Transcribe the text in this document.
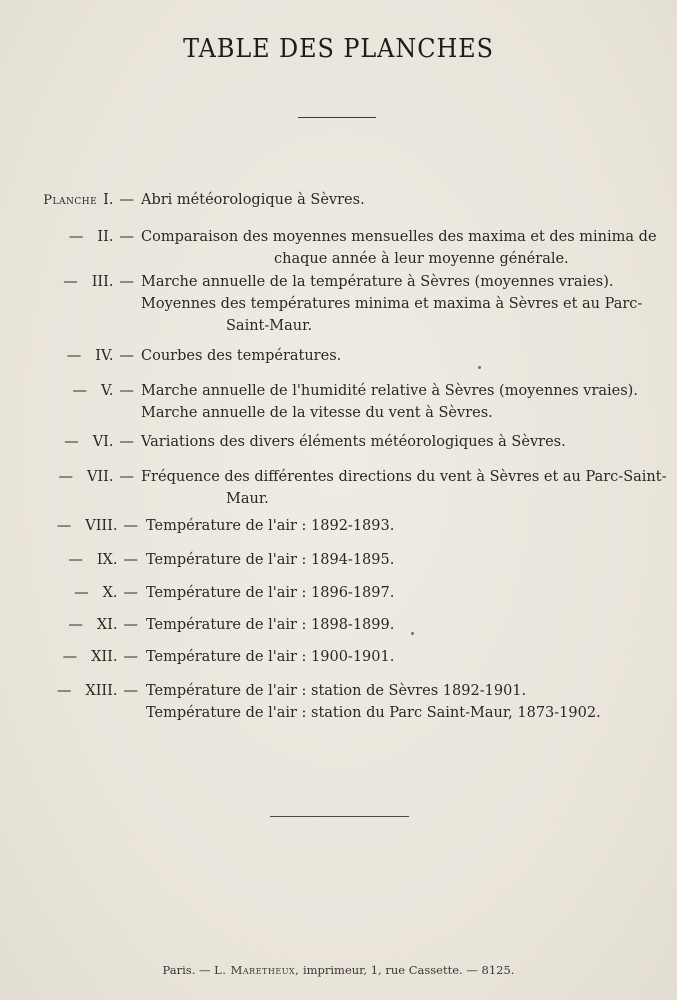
TABLE DES PLANCHES
Planche I. — Abri météorologique à Sèvres.
— II. — Comparaison des moyennes mensuelles des maxima et des minima de
chaque année à leur moyenne générale.
— III. — Marche annuelle de la température à Sèvres (moyennes vraies).
Moyennes des températures minima et maxima à Sèvres et au Parc-
Saint-Maur.
— IV. — Courbes des températures.
— V. — Marche annuelle de l'humidité relative à Sèvres (moyennes vraies).
Marche annuelle de la vitesse du vent à Sèvres.
— VI. — Variations des divers éléments météorologiques à Sèvres.
— VII. — Fréquence des différentes directions du vent à Sèvres et au Parc-Saint-
Maur.
— VIII. — Température de l'air : 1892-1893.
— IX. — Température de l'air : 1894-1895.
— X. — Température de l'air : 1896-1897.
— XI. — Température de l'air : 1898-1899.
— XII. — Température de l'air : 1900-1901.
— XIII. — Température de l'air : station de Sèvres 1892-1901.
Température de l'air : station du Parc Saint-Maur, 1873-1902.
Paris. — L. Maretheux, imprimeur, 1, rue Cassette. — 8125.
